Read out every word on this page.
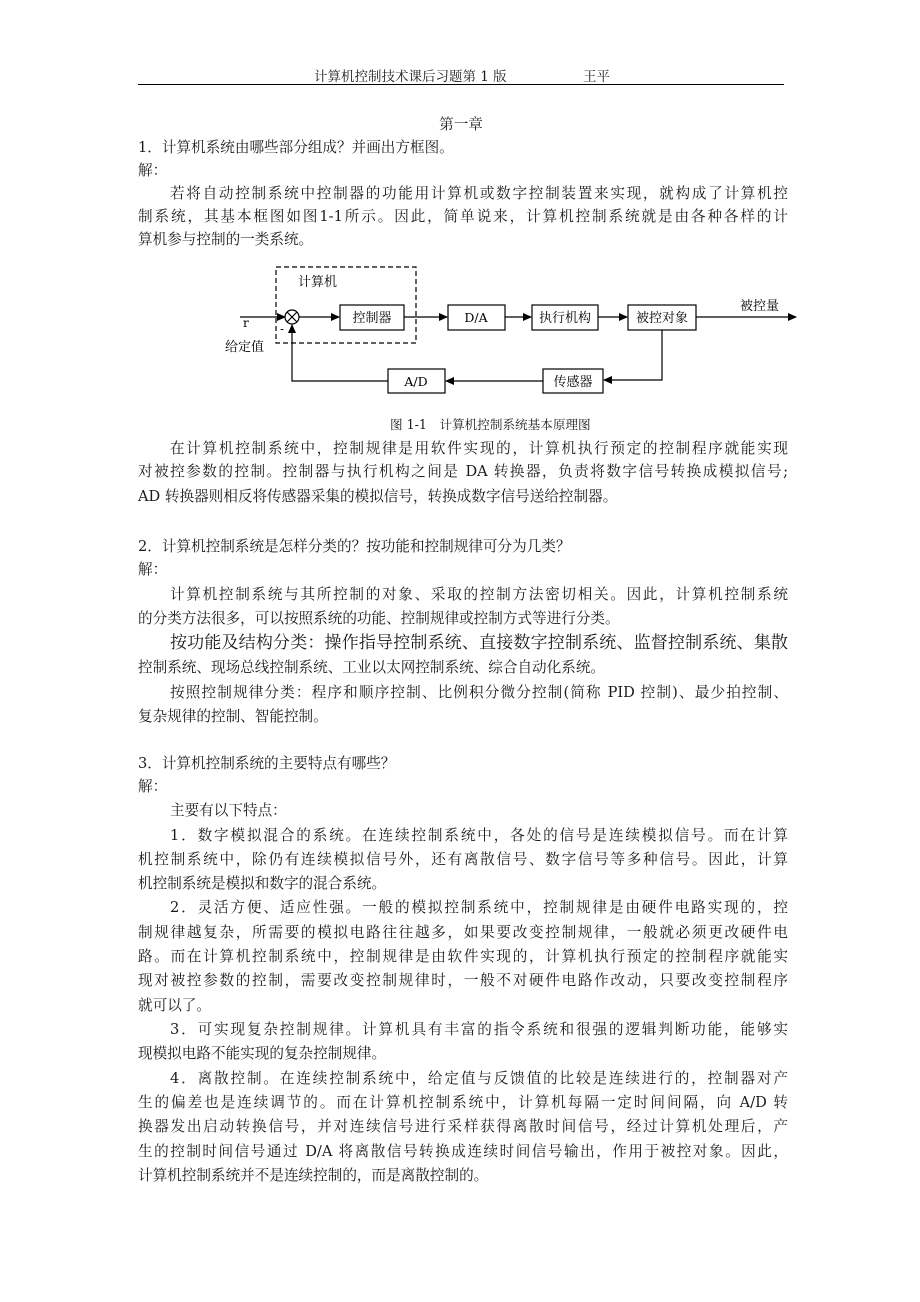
计算机控制技术课后习题第 1 版	王平
第一章
1．计算机系统由哪些部分组成？并画出方框图。
解：
若将自动控制系统中控制器的功能用计算机或数字控制装置来实现，就构成了计算机控
制系统，其基本框图如图1-1所示。因此，简单说来，计算机控制系统就是由各种各样的计
算机参与控制的一类系统。
计算机
r	-
给定值
控制器	D/A	执行机构	被控对象
被控量
传感器
A/D
图 1-1　计算机控制系统基本原理图
在计算机控制系统中，控制规律是用软件实现的，计算机执行预定的控制程序就能实现
对被控参数的控制。控制器与执行机构之间是 DA 转换器，负责将数字信号转换成模拟信号;
AD 转换器则相反将传感器采集的模拟信号，转换成数字信号送给控制器。
2．计算机控制系统是怎样分类的？按功能和控制规律可分为几类？
解：
计算机控制系统与其所控制的对象、采取的控制方法密切相关。因此，计算机控制系统
的分类方法很多，可以按照系统的功能、控制规律或控制方式等进行分类。
按功能及结构分类：操作指导控制系统、直接数字控制系统、监督控制系统、集散
控制系统、现场总线控制系统、工业以太网控制系统、综合自动化系统。
按照控制规律分类：程序和顺序控制、比例积分微分控制(简称 PID 控制)、最少拍控制、
复杂规律的控制、智能控制。
3．计算机控制系统的主要特点有哪些？
解：
主要有以下特点：
1．数字模拟混合的系统。在连续控制系统中，各处的信号是连续模拟信号。而在计算
机控制系统中，除仍有连续模拟信号外，还有离散信号、数字信号等多种信号。因此，计算
机控制系统是模拟和数字的混合系统。
2．灵活方便、适应性强。一般的模拟控制系统中，控制规律是由硬件电路实现的，控
制规律越复杂，所需要的模拟电路往往越多，如果要改变控制规律，一般就必须更改硬件电
路。而在计算机控制系统中，控制规律是由软件实现的，计算机执行预定的控制程序就能实
现对被控参数的控制，需要改变控制规律时，一般不对硬件电路作改动，只要改变控制程序
就可以了。
3．可实现复杂控制规律。计算机具有丰富的指令系统和很强的逻辑判断功能，能够实
现模拟电路不能实现的复杂控制规律。
4．离散控制。在连续控制系统中，给定值与反馈值的比较是连续进行的，控制器对产
生的偏差也是连续调节的。而在计算机控制系统中，计算机每隔一定时间间隔，向 A/D 转
换器发出启动转换信号，并对连续信号进行采样获得离散时间信号，经过计算机处理后，产
生的控制时间信号通过 D/A 将离散信号转换成连续时间信号输出，作用于被控对象。因此，
计算机控制系统并不是连续控制的，而是离散控制的。
